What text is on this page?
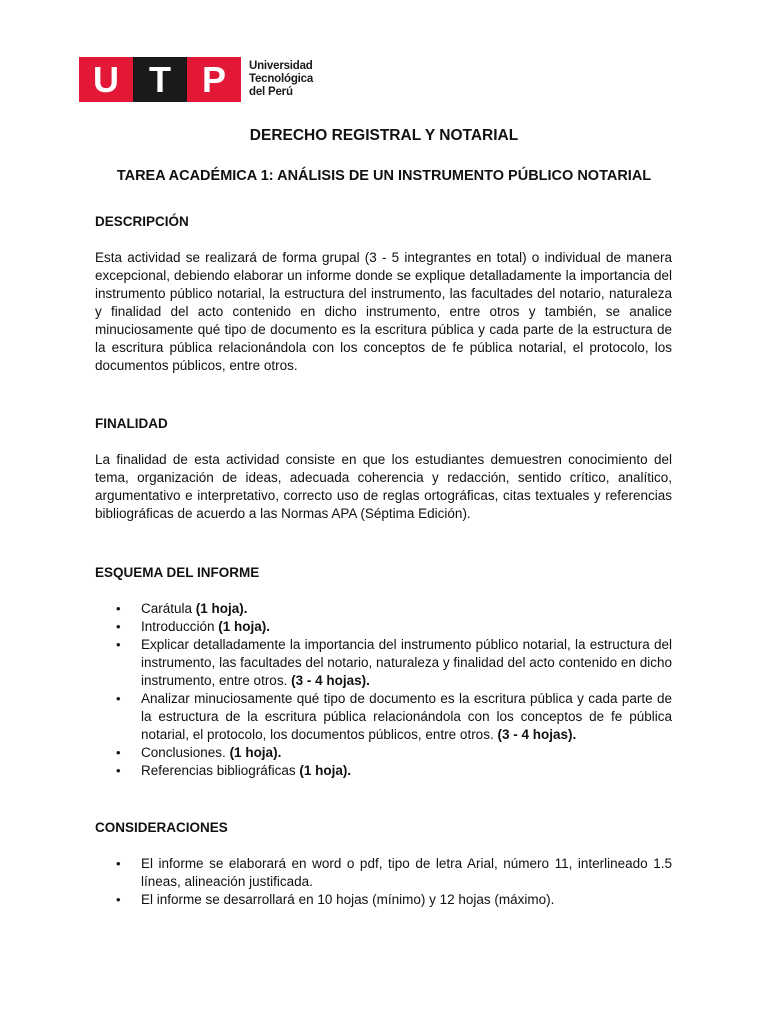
U T P	Universidad
Tecnológica
del Perú
DERECHO REGISTRAL Y NOTARIAL
TAREA ACADÉMICA 1: ANÁLISIS DE UN INSTRUMENTO PÚBLICO NOTARIAL
DESCRIPCIÓN

Esta actividad se realizará de forma grupal (3 - 5 integrantes en total) o individual de manera excepcional, debiendo elaborar un informe donde se explique detalladamente la importancia del instrumento público notarial, la estructura del instrumento, las facultades del notario, naturaleza y finalidad del acto contenido en dicho instrumento, entre otros y también, se analice minuciosamente qué tipo de documento es la escritura pública y cada parte de la estructura de la escritura pública relacionándola con los conceptos de fe pública notarial, el protocolo, los documentos públicos, entre otros.

FINALIDAD

La finalidad de esta actividad consiste en que los estudiantes demuestren conocimiento del tema, organización de ideas, adecuada coherencia y redacción, sentido crítico, analítico, argumentativo e interpretativo, correcto uso de reglas ortográficas, citas textuales y referencias bibliográficas de acuerdo a las Normas APA (Séptima Edición).

ESQUEMA DEL INFORME
• Carátula (1 hoja).
• Introducción (1 hoja).
• Explicar detalladamente la importancia del instrumento público notarial, la estructura del instrumento, las facultades del notario, naturaleza y finalidad del acto contenido en dicho instrumento, entre otros. (3 - 4 hojas).
• Analizar minuciosamente qué tipo de documento es la escritura pública y cada parte de la estructura de la escritura pública relacionándola con los conceptos de fe pública notarial, el protocolo, los documentos públicos, entre otros. (3 - 4 hojas).
• Conclusiones. (1 hoja).
• Referencias bibliográficas (1 hoja).
CONSIDERACIONES
• El informe se elaborará en word o pdf, tipo de letra Arial, número 11, interlineado 1.5 líneas, alineación justificada.
• El informe se desarrollará en 10 hojas (mínimo) y 12 hojas (máximo).
